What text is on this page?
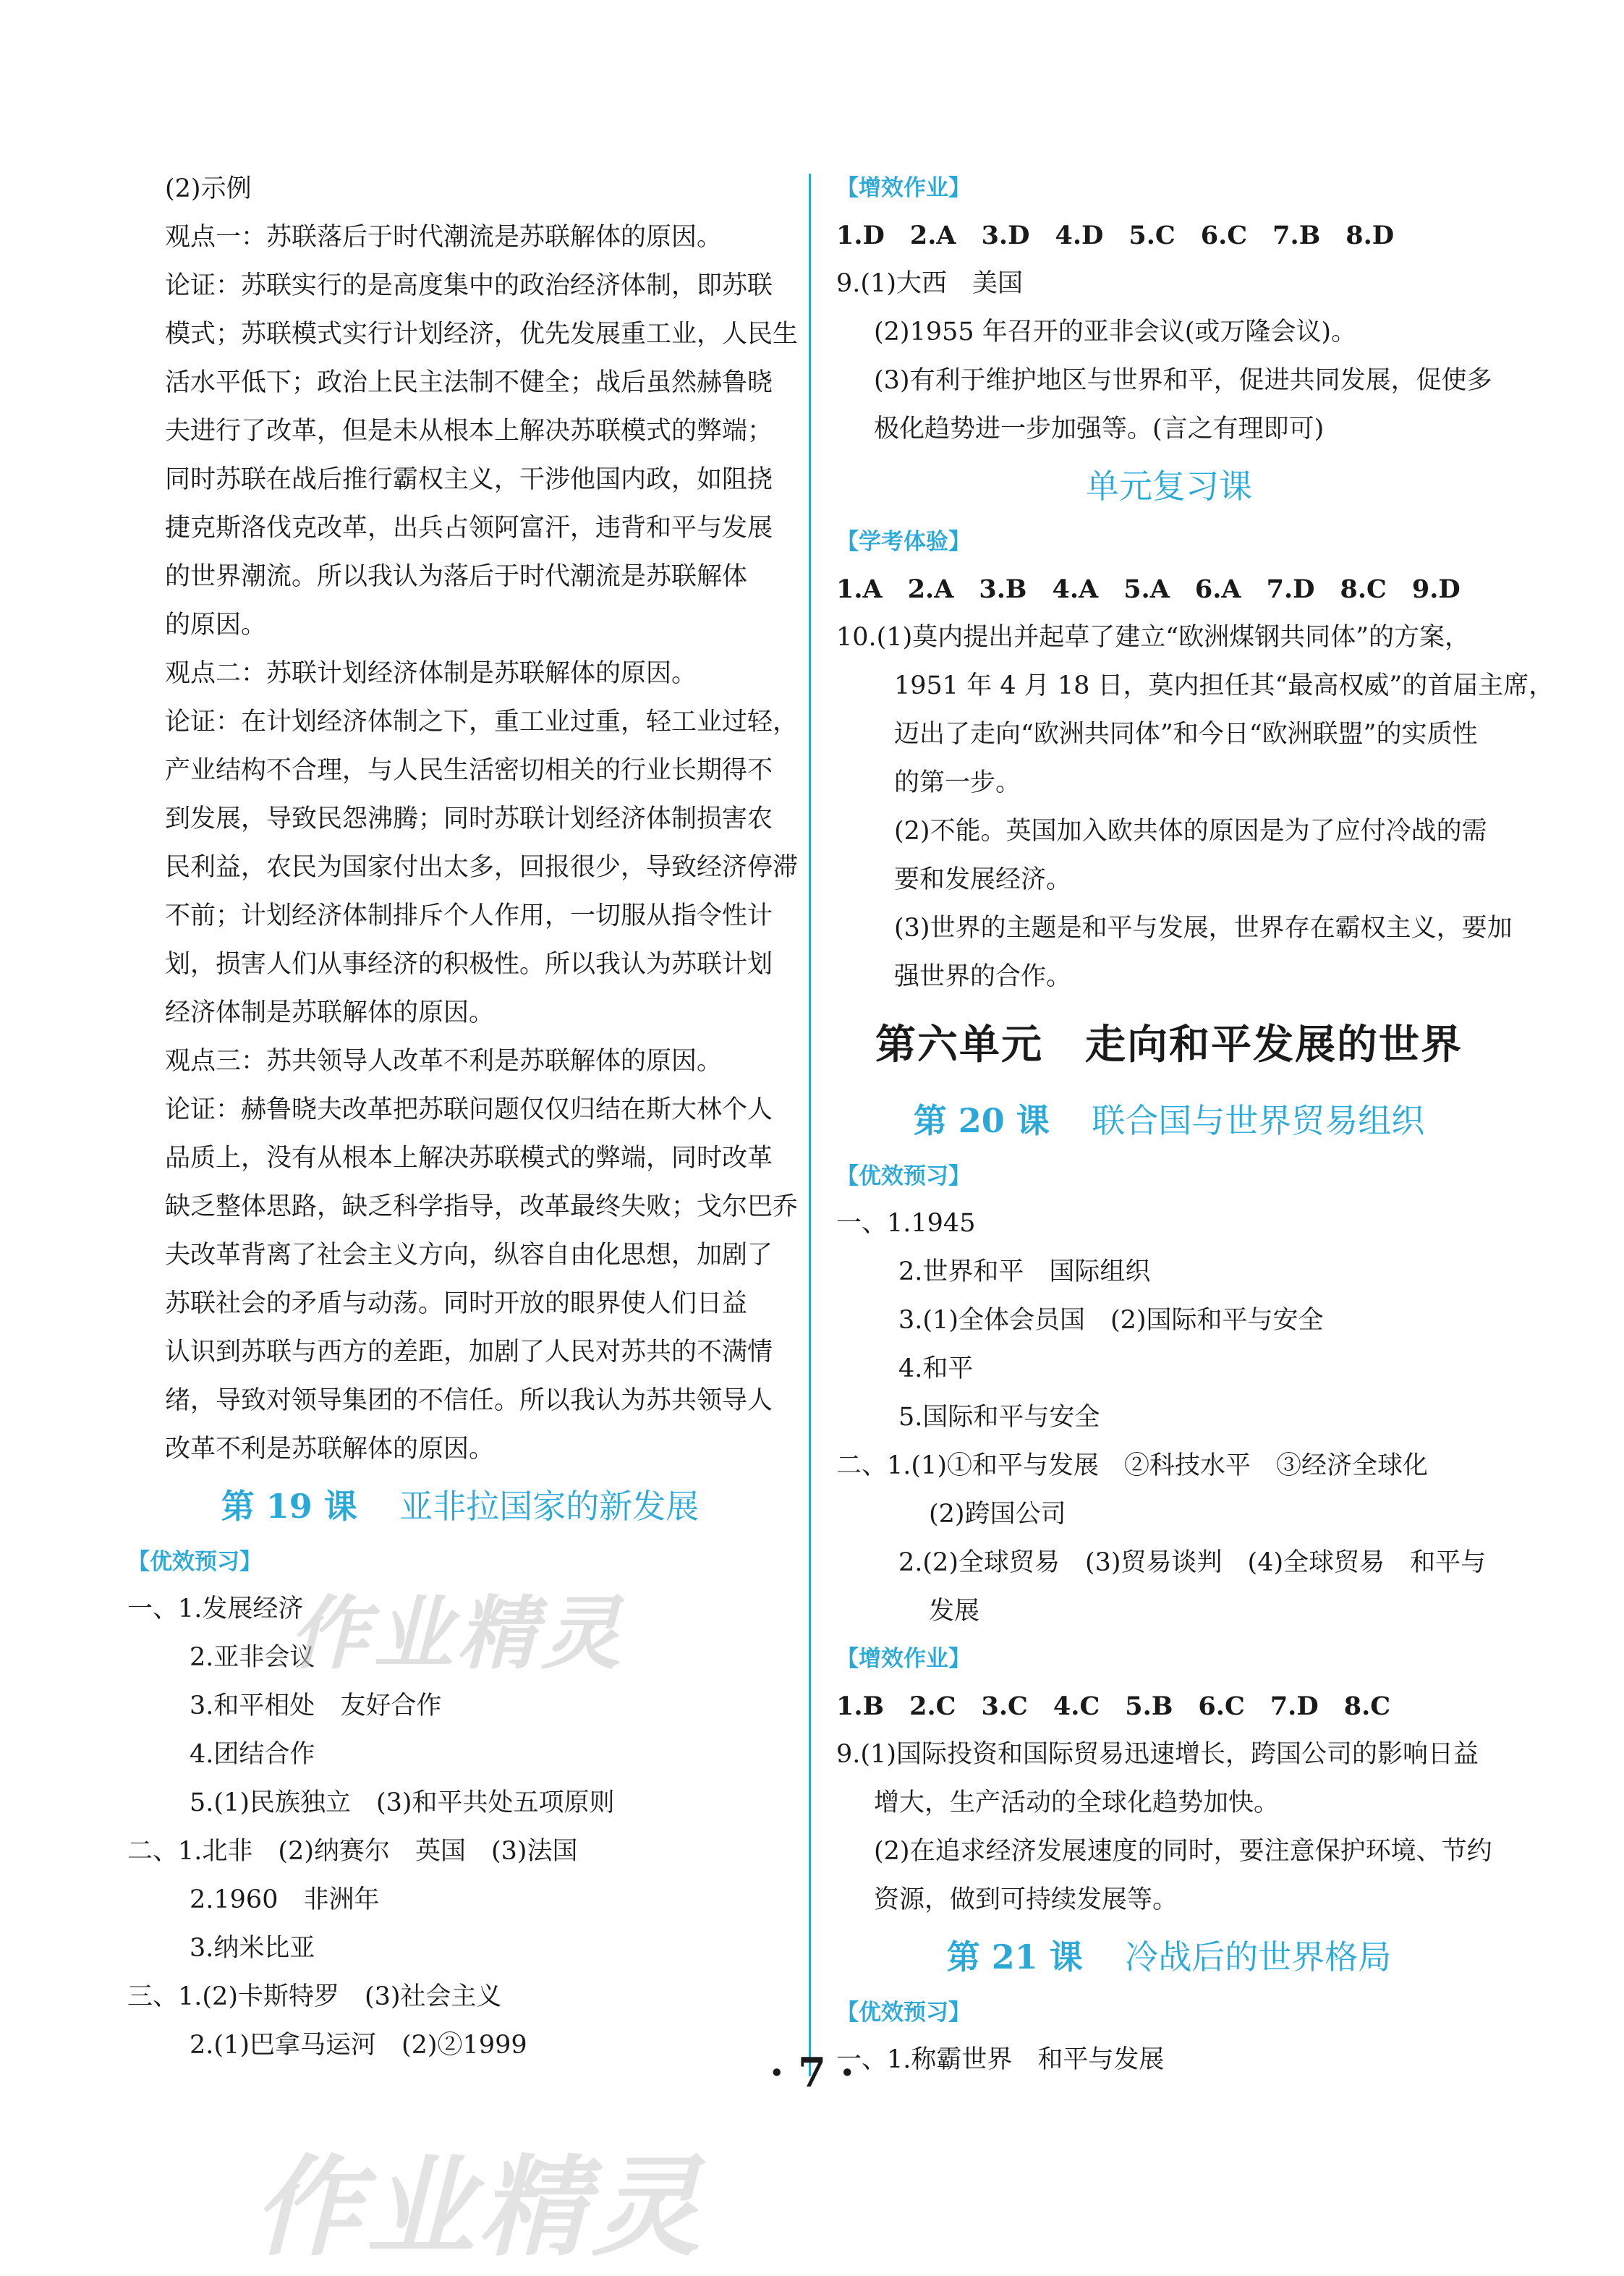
(2)示例
观点一：苏联落后于时代潮流是苏联解体的原因。
论证：苏联实行的是高度集中的政治经济体制，即苏联
模式；苏联模式实行计划经济，优先发展重工业，人民生
活水平低下；政治上民主法制不健全；战后虽然赫鲁晓
夫进行了改革，但是未从根本上解决苏联模式的弊端；
同时苏联在战后推行霸权主义，干涉他国内政，如阻挠
捷克斯洛伐克改革，出兵占领阿富汗，违背和平与发展
的世界潮流。所以我认为落后于时代潮流是苏联解体
的原因。
观点二：苏联计划经济体制是苏联解体的原因。
论证：在计划经济体制之下，重工业过重，轻工业过轻，
产业结构不合理，与人民生活密切相关的行业长期得不
到发展，导致民怨沸腾；同时苏联计划经济体制损害农
民利益，农民为国家付出太多，回报很少，导致经济停滞
不前；计划经济体制排斥个人作用，一切服从指令性计
划，损害人们从事经济的积极性。所以我认为苏联计划
经济体制是苏联解体的原因。
观点三：苏共领导人改革不利是苏联解体的原因。
论证：赫鲁晓夫改革把苏联问题仅仅归结在斯大林个人
品质上，没有从根本上解决苏联模式的弊端，同时改革
缺乏整体思路，缺乏科学指导，改革最终失败；戈尔巴乔
夫改革背离了社会主义方向，纵容自由化思想，加剧了
苏联社会的矛盾与动荡。同时开放的眼界使人们日益
认识到苏联与西方的差距，加剧了人民对苏共的不满情
绪，导致对领导集团的不信任。所以我认为苏共领导人
改革不利是苏联解体的原因。
第 19 课 亚非拉国家的新发展
【优效预习】
一、1.发展经济
2.亚非会议
3.和平相处　友好合作
4.团结合作
5.(1)民族独立　(3)和平共处五项原则
二、1.北非　(2)纳赛尔　英国　(3)法国
2.1960　非洲年
3.纳米比亚
三、1.(2)卡斯特罗　(3)社会主义
2.(1)巴拿马运河　(2)②1999
【增效作业】
1.D　2.A　3.D　4.D　5.C　6.C　7.B　8.D
9.(1)大西　美国
(2)1955 年召开的亚非会议(或万隆会议)。
(3)有利于维护地区与世界和平，促进共同发展，促使多
极化趋势进一步加强等。(言之有理即可)
单元复习课
【学考体验】
1.A　2.A　3.B　4.A　5.A　6.A　7.D　8.C　9.D
10.(1)莫内提出并起草了建立“欧洲煤钢共同体”的方案，
1951 年 4 月 18 日，莫内担任其“最高权威”的首届主席，
迈出了走向“欧洲共同体”和今日“欧洲联盟”的实质性
的第一步。
(2)不能。英国加入欧共体的原因是为了应付冷战的需
要和发展经济。
(3)世界的主题是和平与发展，世界存在霸权主义，要加
强世界的合作。
第六单元　走向和平发展的世界
第 20 课 联合国与世界贸易组织
【优效预习】
一、1.1945
2.世界和平　国际组织
3.(1)全体会员国　(2)国际和平与安全
4.和平
5.国际和平与安全
二、1.(1)①和平与发展　②科技水平　③经济全球化
(2)跨国公司
2.(2)全球贸易　(3)贸易谈判　(4)全球贸易　和平与
发展
【增效作业】
1.B　2.C　3.C　4.C　5.B　6.C　7.D　8.C
9.(1)国际投资和国际贸易迅速增长，跨国公司的影响日益
增大，生产活动的全球化趋势加快。
(2)在追求经济发展速度的同时，要注意保护环境、节约
资源，做到可持续发展等。
第 21 课 冷战后的世界格局
【优效预习】
一、1.称霸世界　和平与发展
· 7 ·
作业精灵
作业精灵
